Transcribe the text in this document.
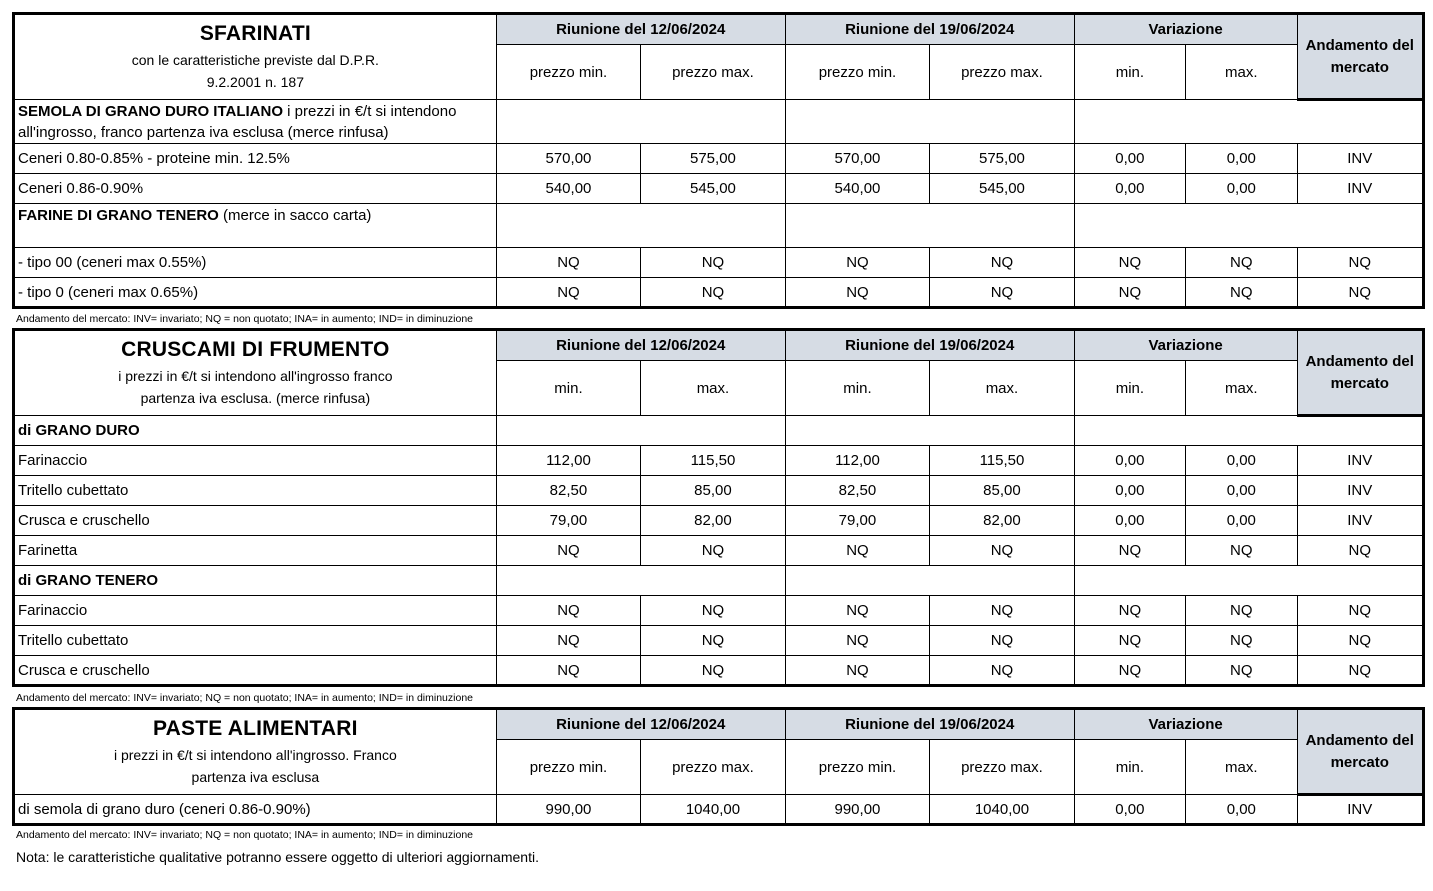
SFARINATI
con le caratteristiche previste dal D.P.R.
9.2.2001 n. 187	Riunione del 12/06/2024		Riunione del 19/06/2024		Variazione		Andamento del mercato
	prezzo min.	prezzo max.	prezzo min.	prezzo max.	min.	max.	
SEMOLA DI GRANO DURO ITALIANO i prezzi in €/t si intendono all'ingrosso, franco partenza iva esclusa (merce rinfusa)							
Ceneri 0.80-0.85% - proteine min. 12.5%	570,00	575,00	570,00	575,00	0,00	0,00	INV
Ceneri 0.86-0.90%	540,00	545,00	540,00	545,00	0,00	0,00	INV
FARINE DI GRANO TENERO (merce in sacco carta)							
- tipo 00 (ceneri max 0.55%)	NQ	NQ	NQ	NQ	NQ	NQ	NQ
- tipo 0 (ceneri max 0.65%)	NQ	NQ	NQ	NQ	NQ	NQ	NQ
Andamento del mercato: INV= invariato; NQ = non quotato; INA= in aumento; IND= in diminuzione
CRUSCAMI DI FRUMENTO
i prezzi in €/t si intendono all'ingrosso franco
partenza iva esclusa. (merce rinfusa)	Riunione del 12/06/2024		Riunione del 19/06/2024		Variazione		Andamento del mercato
	min.	max.	min.	max.	min.	max.	
di GRANO DURO							
Farinaccio	112,00	115,50	112,00	115,50	0,00	0,00	INV
Tritello cubettato	82,50	85,00	82,50	85,00	0,00	0,00	INV
Crusca e cruschello	79,00	82,00	79,00	82,00	0,00	0,00	INV
Farinetta	NQ	NQ	NQ	NQ	NQ	NQ	NQ
di GRANO TENERO							
Farinaccio	NQ	NQ	NQ	NQ	NQ	NQ	NQ
Tritello cubettato	NQ	NQ	NQ	NQ	NQ	NQ	NQ
Crusca e cruschello	NQ	NQ	NQ	NQ	NQ	NQ	NQ
Andamento del mercato: INV= invariato; NQ = non quotato; INA= in aumento; IND= in diminuzione
PASTE ALIMENTARI
i prezzi in €/t si intendono all'ingrosso. Franco
partenza iva esclusa	Riunione del 12/06/2024		Riunione del 19/06/2024		Variazione		Andamento del mercato
	prezzo min.	prezzo max.	prezzo min.	prezzo max.	min.	max.	
di semola di grano duro (ceneri 0.86-0.90%)	990,00	1040,00	990,00	1040,00	0,00	0,00	INV
Andamento del mercato: INV= invariato; NQ = non quotato; INA= in aumento; IND= in diminuzione
Nota: le caratteristiche qualitative potranno essere oggetto di ulteriori aggiornamenti.
